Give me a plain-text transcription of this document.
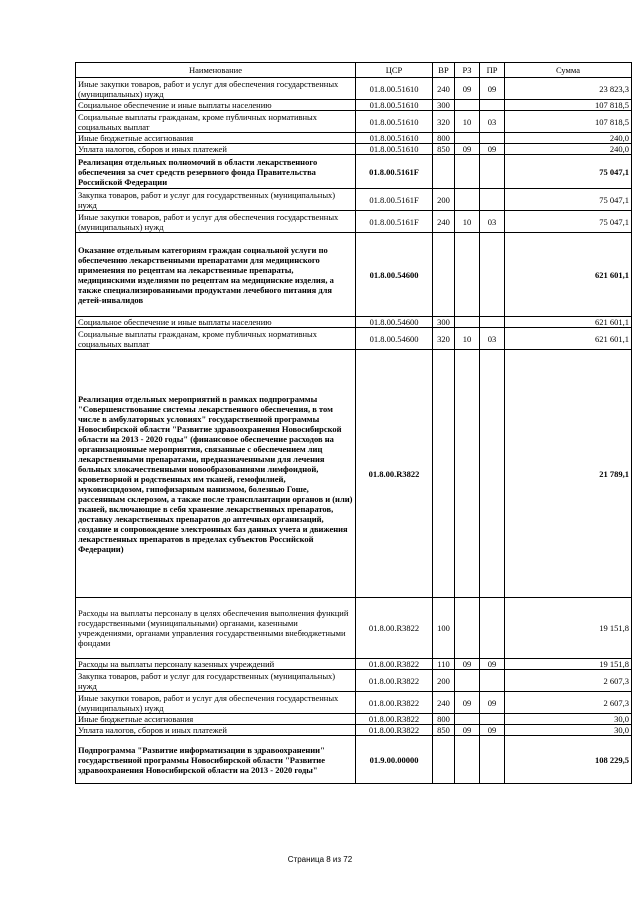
Наименование	ЦСР	ВР	РЗ	ПР	Сумма
Иные закупки товаров, работ и услуг для обеспечения государственных (муниципальных) нужд	01.8.00.51610	240	09	09	23 823,3
Социальное обеспечение и иные выплаты населению	01.8.00.51610	300			107 818,5
Социальные выплаты гражданам, кроме публичных нормативных социальных выплат	01.8.00.51610	320	10	03	107 818,5
Иные бюджетные ассигнования	01.8.00.51610	800			240,0
Уплата налогов, сборов и иных платежей	01.8.00.51610	850	09	09	240,0
Реализация отдельных полномочий в области лекарственного обеспечения за счет средств резервного фонда Правительства Российской Федерации	01.8.00.5161F				75 047,1
Закупка товаров, работ и услуг для государственных (муниципальных) нужд	01.8.00.5161F	200			75 047,1
Иные закупки товаров, работ и услуг для обеспечения государственных (муниципальных) нужд	01.8.00.5161F	240	10	03	75 047,1
Оказание отдельным категориям граждан социальной услуги по обеспечению лекарственными препаратами для медицинского применения по рецептам на лекарственные препараты, медицинскими изделиями по рецептам на медицинские изделия, а также специализированными продуктами лечебного питания для детей-инвалидов	01.8.00.54600				621 601,1
Социальное обеспечение и иные выплаты населению	01.8.00.54600	300			621 601,1
Социальные выплаты гражданам, кроме публичных нормативных социальных выплат	01.8.00.54600	320	10	03	621 601,1
Реализация отдельных мероприятий в рамках подпрограммы "Совершенствование системы лекарственного обеспечения, в том числе в амбулаторных условиях" государственной программы Новосибирской области "Развитие здравоохранения Новосибирской области на 2013 - 2020 годы" (финансовое обеспечение расходов на организационные мероприятия, связанные с обеспечением лиц лекарственными препаратами, предназначенными для лечения больных злокачественными новообразованиями лимфоидной, кроветворной и родственных им тканей, гемофилией, муковисцидозом, гипофизарным нанизмом, болезнью Гоше, рассеянным склерозом, а также после трансплантации органов и (или) тканей, включающие в себя хранение лекарственных препаратов, доставку лекарственных препаратов до аптечных организаций, создание и сопровождение электронных баз данных учета и движения лекарственных препаратов в пределах субъектов Российской Федерации)	01.8.00.R3822				21 789,1
Расходы на выплаты персоналу в целях обеспечения выполнения функций государственными (муниципальными) органами, казенными учреждениями, органами управления государственными внебюджетными фондами	01.8.00.R3822	100			19 151,8
Расходы на выплаты персоналу казенных учреждений	01.8.00.R3822	110	09	09	19 151,8
Закупка товаров, работ и услуг для государственных (муниципальных) нужд	01.8.00.R3822	200			2 607,3
Иные закупки товаров, работ и услуг для обеспечения государственных (муниципальных) нужд	01.8.00.R3822	240	09	09	2 607,3
Иные бюджетные ассигнования	01.8.00.R3822	800			30,0
Уплата налогов, сборов и иных платежей	01.8.00.R3822	850	09	09	30,0
Подпрограмма "Развитие информатизации в здравоохранении" государственной программы Новосибирской области "Развитие здравоохранения Новосибирской области на 2013 - 2020 годы"	01.9.00.00000				108 229,5
Страница 8 из 72
